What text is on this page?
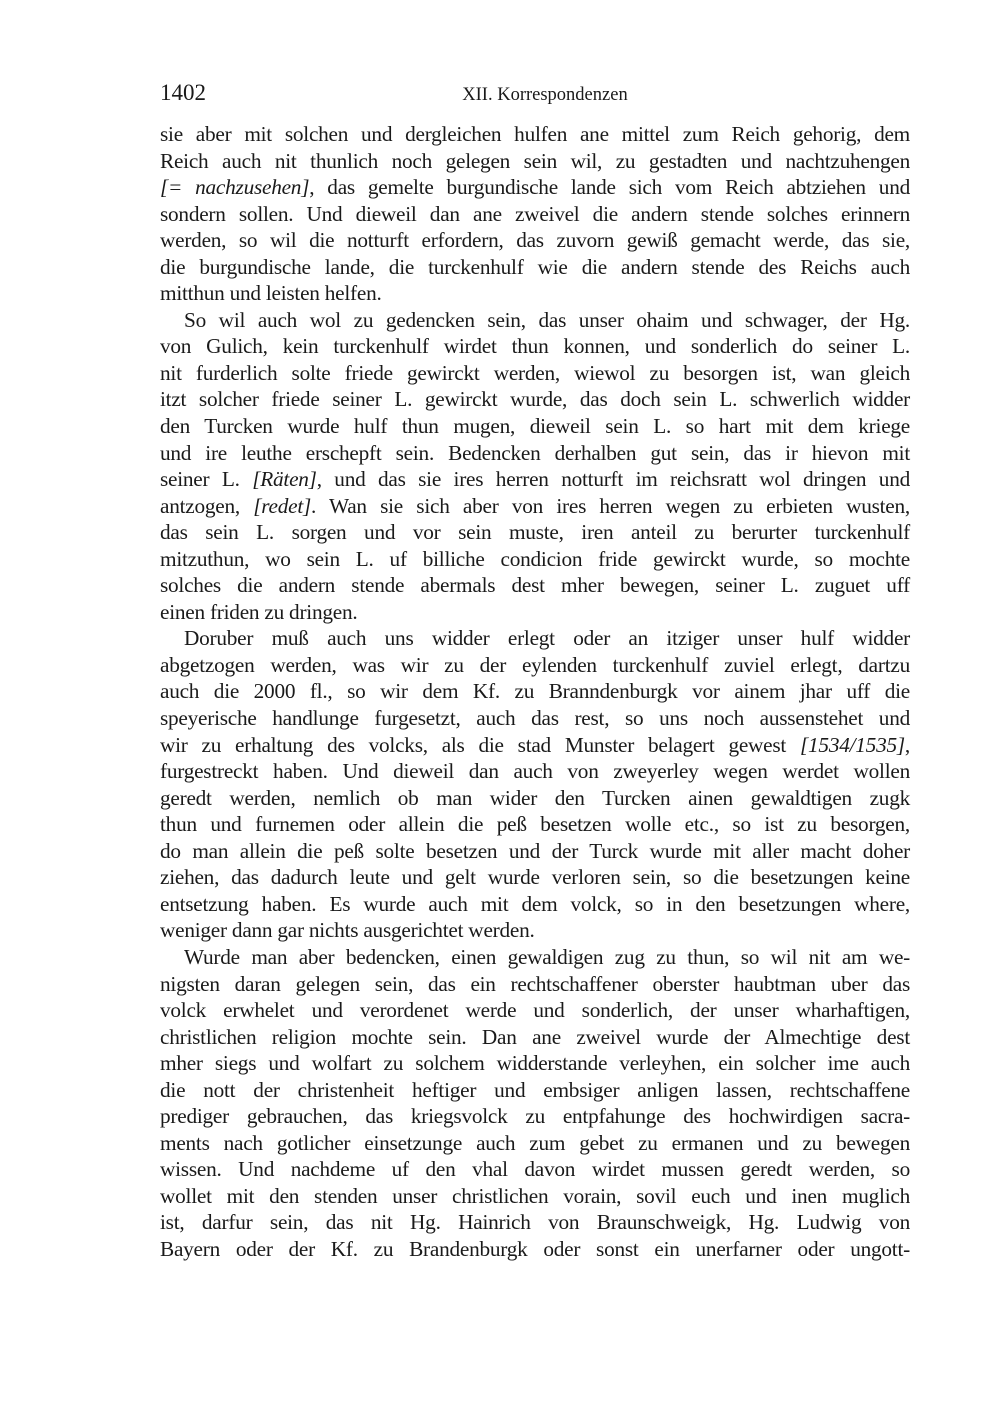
1402	XII. Korrespondenzen
sie aber mit solchen und dergleichen hulfen ane mittel zum Reich gehorig, dem
Reich auch nit thunlich noch gelegen sein wil, zu gestadten und nachtzuhengen
[= nachzusehen], das gemelte burgundische lande sich vom Reich abtziehen und
sondern sollen. Und dieweil dan ane zweivel die andern stende solches erinnern
werden, so wil die notturft erfordern, das zuvorn gewiß gemacht werde, das sie,
die burgundische lande, die turckenhulf wie die andern stende des Reichs auch
mitthun und leisten helfen.
So wil auch wol zu gedencken sein, das unser ohaim und schwager, der Hg.
von Gulich, kein turckenhulf wirdet thun konnen, und sonderlich do seiner L.
nit furderlich solte friede gewirckt werden, wiewol zu besorgen ist, wan gleich
itzt solcher friede seiner L. gewirckt wurde, das doch sein L. schwerlich widder
den Turcken wurde hulf thun mugen, dieweil sein L. so hart mit dem kriege
und ire leuthe erschepft sein. Bedencken derhalben gut sein, das ir hievon mit
seiner L. [Räten], und das sie ires herren notturft im reichsratt wol dringen und
antzogen, [redet]. Wan sie sich aber von ires herren wegen zu erbieten wusten,
das sein L. sorgen und vor sein muste, iren anteil zu berurter turckenhulf
mitzuthun, wo sein L. uf billiche condicion fride gewirckt wurde, so mochte
solches die andern stende abermals dest mher bewegen, seiner L. zuguet uff
einen friden zu dringen.
Doruber muß auch uns widder erlegt oder an itziger unser hulf widder
abgetzogen werden, was wir zu der eylenden turckenhulf zuviel erlegt, dartzu
auch die 2000 fl., so wir dem Kf. zu Branndenburgk vor ainem jhar uff die
speyerische handlunge furgesetzt, auch das rest, so uns noch aussenstehet und
wir zu erhaltung des volcks, als die stad Munster belagert gewest [1534/1535],
furgestreckt haben. Und dieweil dan auch von zweyerley wegen werdet wollen
geredt werden, nemlich ob man wider den Turcken ainen gewaldtigen zugk
thun und furnemen oder allein die peß besetzen wolle etc., so ist zu besorgen,
do man allein die peß solte besetzen und der Turck wurde mit aller macht doher
ziehen, das dadurch leute und gelt wurde verloren sein, so die besetzungen keine
entsetzung haben. Es wurde auch mit dem volck, so in den besetzungen where,
weniger dann gar nichts ausgerichtet werden.
Wurde man aber bedencken, einen gewaldigen zug zu thun, so wil nit am we-
nigsten daran gelegen sein, das ein rechtschaffener oberster haubtman uber das
volck erwhelet und verordenet werde und sonderlich, der unser wharhaftigen,
christlichen religion mochte sein. Dan ane zweivel wurde der Almechtige dest
mher siegs und wolfart zu solchem widderstande verleyhen, ein solcher ime auch
die nott der christenheit heftiger und embsiger anligen lassen, rechtschaffene
prediger gebrauchen, das kriegsvolck zu entpfahunge des hochwirdigen sacra-
ments nach gotlicher einsetzunge auch zum gebet zu ermanen und zu bewegen
wissen. Und nachdeme uf den vhal davon wirdet mussen geredt werden, so
wollet mit den stenden unser christlichen vorain, sovil euch und inen muglich
ist, darfur sein, das nit Hg. Hainrich von Braunschweigk, Hg. Ludwig von
Bayern oder der Kf. zu Brandenburgk oder sonst ein unerfarner oder ungott-
